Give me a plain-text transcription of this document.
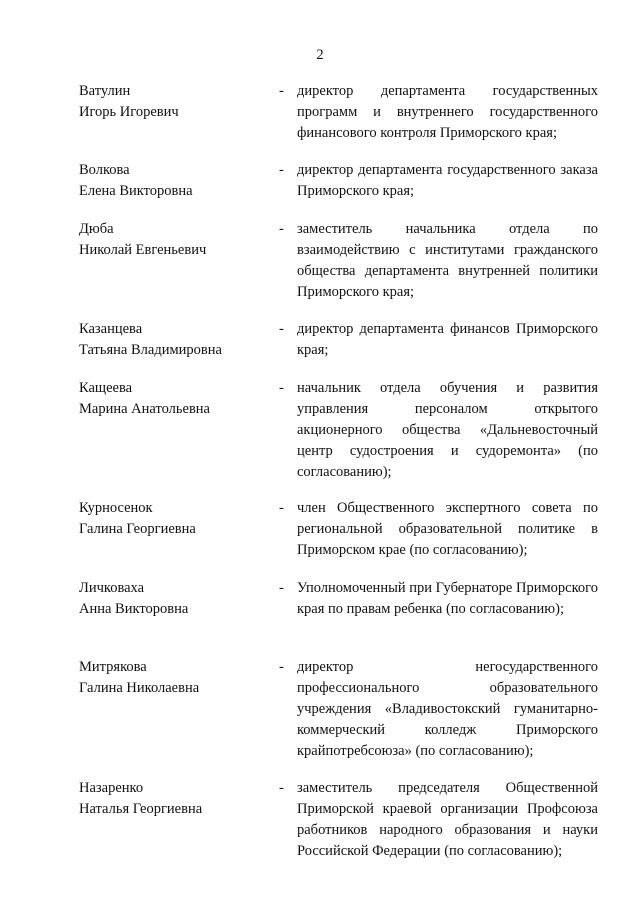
2
Ватулин
Игорь Игоревич
- директор департамента государственных программ и внутреннего государственного финансового контроля Приморского края;
Волкова
Елена Викторовна
- директор департамента государственного заказа Приморского края;
Дюба
Николай Евгеньевич
- заместитель начальника отдела по взаимодействию с институтами гражданского общества департамента внутренней политики Приморского края;
Казанцева
Татьяна Владимировна
- директор департамента финансов Приморского края;
Кащеева
Марина Анатольевна
- начальник отдела обучения и развития управления персоналом открытого акционерного общества «Дальневосточный центр судостроения и судоремонта» (по согласованию);
Курносенок
Галина Георгиевна
- член Общественного экспертного совета по региональной образовательной политике в Приморском крае (по согласованию);
Личковаха
Анна Викторовна
- Уполномоченный при Губернаторе Приморского края по правам ребенка (по согласованию);
Митрякова
Галина Николаевна
- директор негосударственного профессионального образовательного учреждения «Владивостокский гуманитарно-коммерческий колледж Приморского крайпотребсоюза» (по согласованию);
Назаренко
Наталья Георгиевна
- заместитель председателя Общественной Приморской краевой организации Профсоюза работников народного образования и науки Российской Федерации (по согласованию);
